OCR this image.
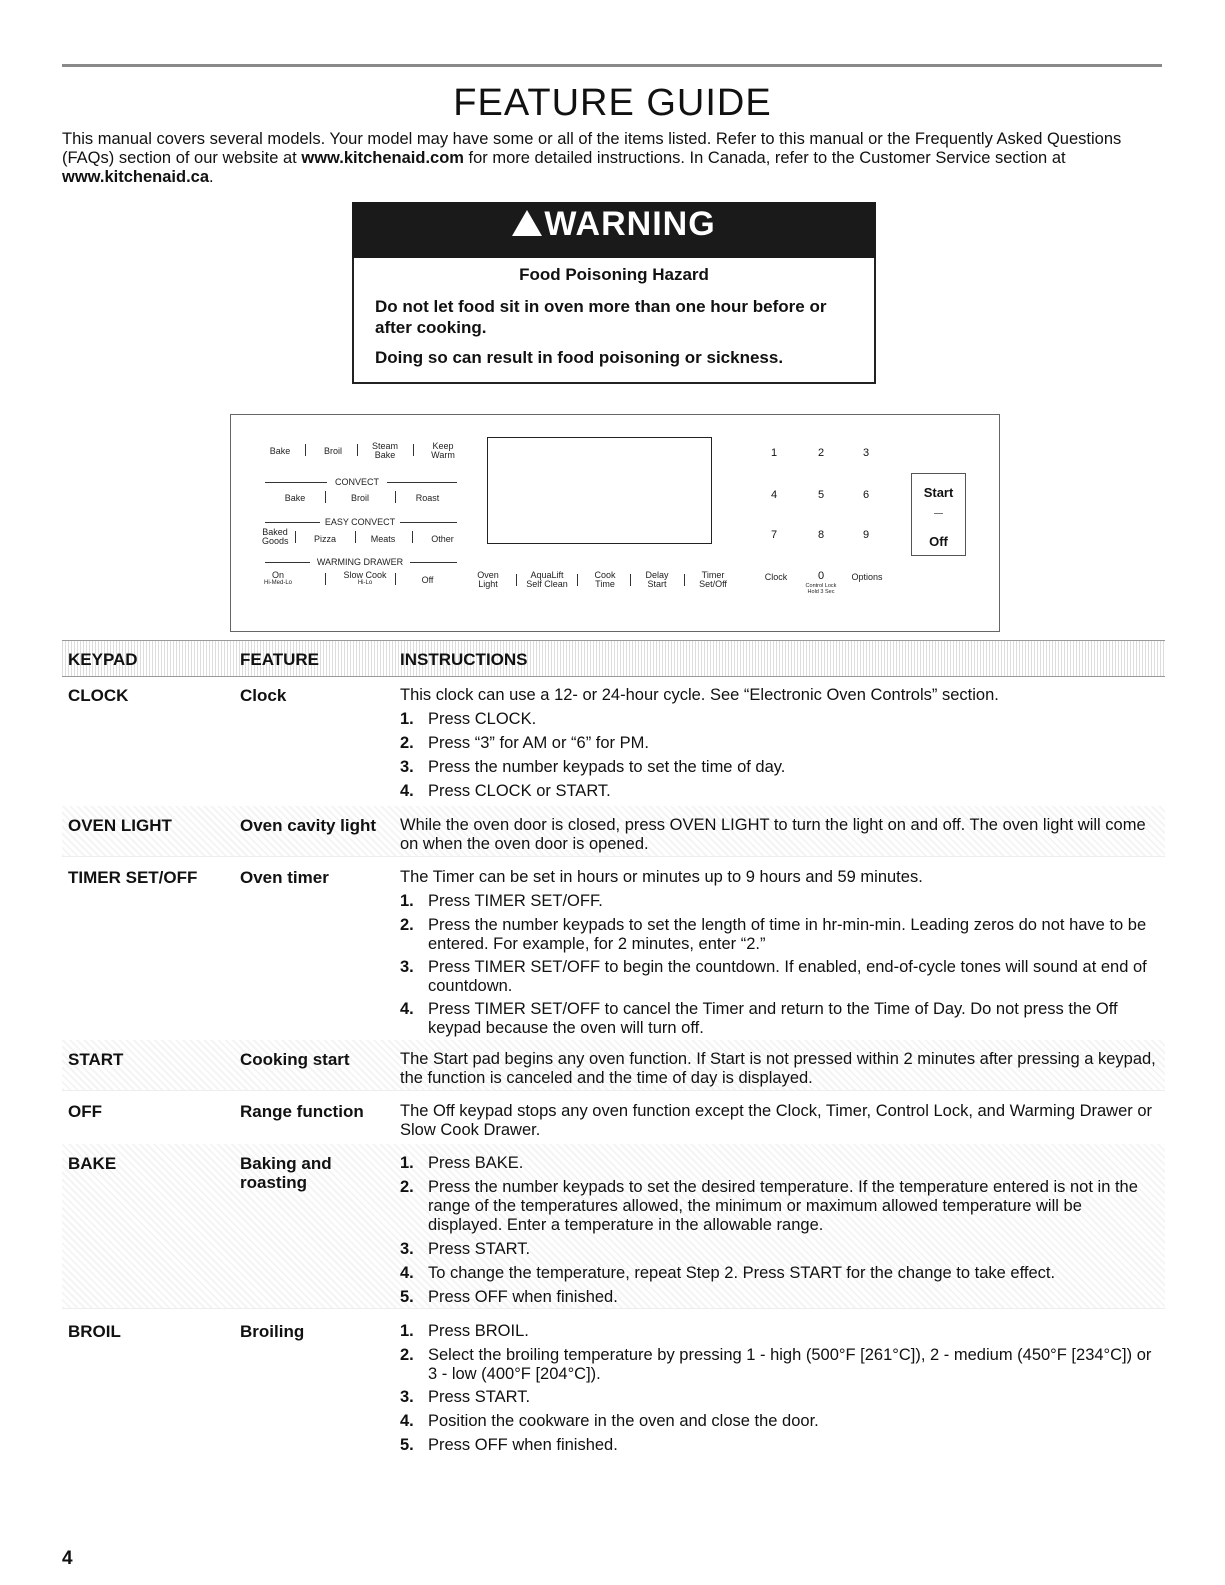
FEATURE GUIDE
This manual covers several models. Your model may have some or all of the items listed. Refer to this manual or the Frequently Asked Questions (FAQs) section of our website at www.kitchenaid.com for more detailed instructions. In Canada, refer to the Customer Service section at www.kitchenaid.ca.
WARNING
Food Poisoning Hazard
Do not let food sit in oven more than one hour before or after cooking.
Doing so can result in food poisoning or sickness.
Bake	Broil	Steam Bake
Keep Warm
CONVECT
Bake	Broil	Roast
EASY CONVECT
Baked Goods	Pizza	Meats	Other
WARMING DRAWER
On
Hi-Med-Lo
Slow Cook
Hi-Lo	Off	Oven Light
AquaLift Self Clean
Cook Time
Delay Start
Timer Set/Off
1	2	3
4	5	6
7	8	9
Clock	0
Control Lock
Hold 3 Sec
Options
Start
Off
KEYPAD	FEATURE	INSTRUCTIONS
CLOCK	Clock	This clock can use a 12- or 24-hour cycle. See “Electronic Oven Controls” section.
1. Press CLOCK.
2. Press “3” for AM or “6” for PM.
3. Press the number keypads to set the time of day.
4. Press CLOCK or START.
OVEN LIGHT	Oven cavity light	While the oven door is closed, press OVEN LIGHT to turn the light on and off. The oven light will come on when the oven door is opened.
TIMER SET/OFF	Oven timer	The Timer can be set in hours or minutes up to 9 hours and 59 minutes.
1. Press TIMER SET/OFF.
2. Press the number keypads to set the length of time in hr-min-min. Leading zeros do not have to be entered. For example, for 2 minutes, enter “2.”
3. Press TIMER SET/OFF to begin the countdown. If enabled, end-of-cycle tones will sound at end of countdown.
4. Press TIMER SET/OFF to cancel the Timer and return to the Time of Day. Do not press the Off keypad because the oven will turn off.
START	Cooking start	The Start pad begins any oven function. If Start is not pressed within 2 minutes after pressing a keypad, the function is canceled and the time of day is displayed.
OFF	Range function	The Off keypad stops any oven function except the Clock, Timer, Control Lock, and Warming Drawer or Slow Cook Drawer.
BAKE	Baking and roasting
1. Press BAKE.
2. Press the number keypads to set the desired temperature. If the temperature entered is not in the range of the temperatures allowed, the minimum or maximum allowed temperature will be displayed. Enter a temperature in the allowable range.
3. Press START.
4. To change the temperature, repeat Step 2. Press START for the change to take effect.
5. Press OFF when finished.
BROIL	Broiling	1. Press BROIL.
2. Select the broiling temperature by pressing 1 - high (500°F [261°C]), 2 - medium (450°F [234°C]) or 3 - low (400°F [204°C]).
3. Press START.
4. Position the cookware in the oven and close the door.
5. Press OFF when finished.
4
